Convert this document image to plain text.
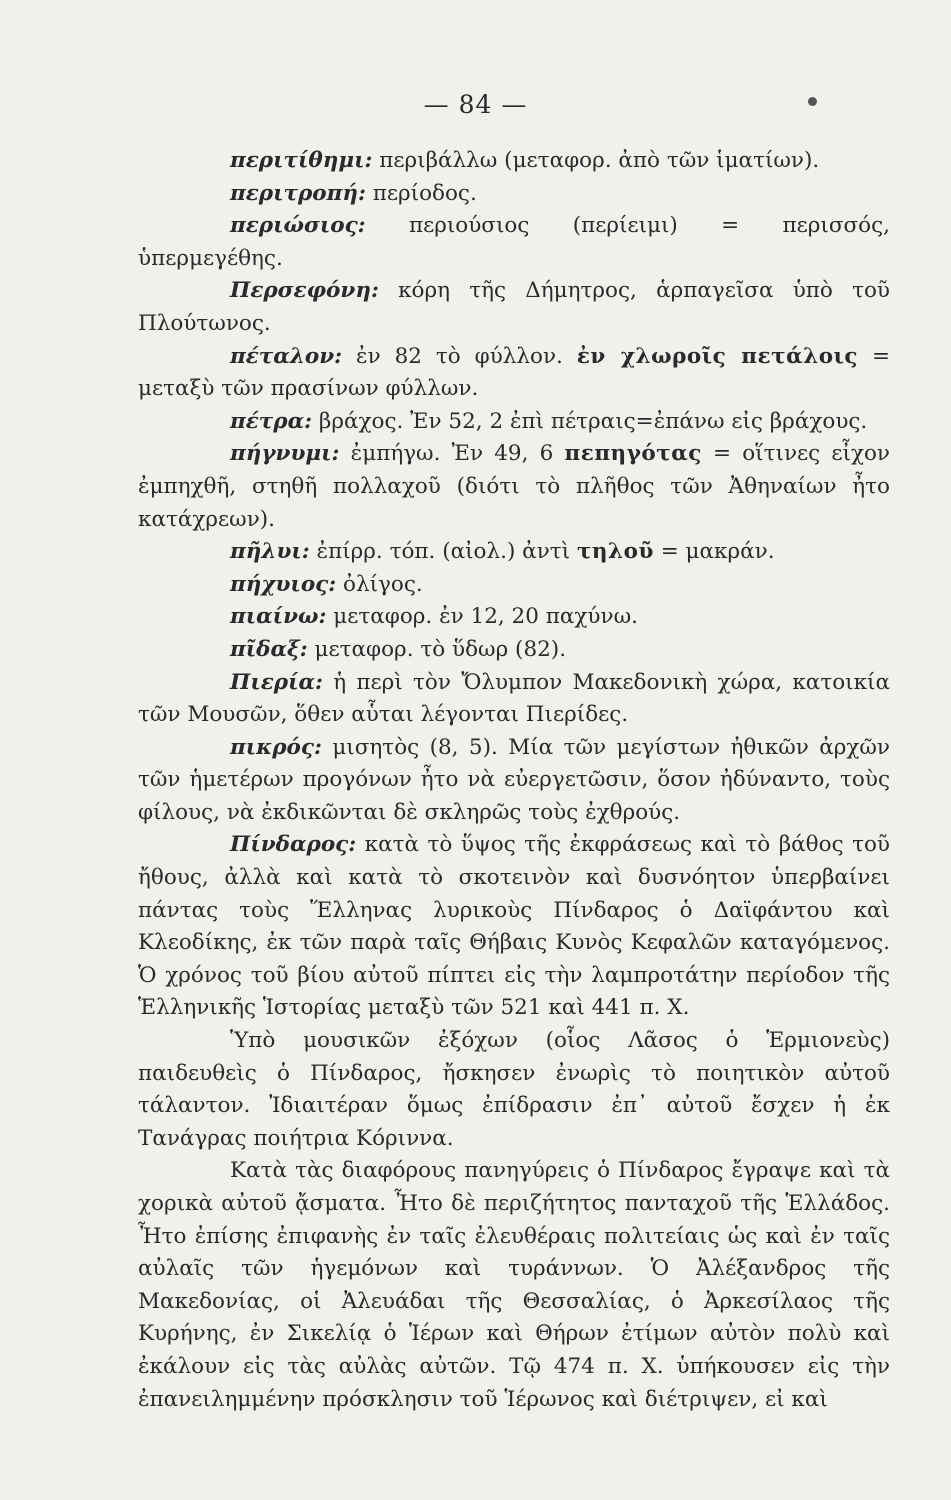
— 84 —

περιτίθημι: περιβάλλω (μεταφορ. ἀπὸ τῶν ἱματίων).

περιτροπή: περίοδος.

περιώσιος: περιούσιος (περίειμι) = περισσός, ὑπερμεγέθης.

Περσεφόνη: κόρη τῆς Δήμητρος, ἁρπαγεῖσα ὑπὸ τοῦ Πλούτωνος.

πέταλον: ἐν 82 τὸ φύλλον. ἐν χλωροῖς πετάλοις = μεταξὺ τῶν πρασίνων φύλλων.

πέτρα: βράχος. Ἐν 52, 2 ἐπὶ πέτραις=ἐπάνω εἰς βράχους.

πήγνυμι: ἐμπήγω. Ἐν 49, 6 πεπηγότας = οἵτινες εἶχον ἐμπηχθῆ, στηθῆ πολλαχοῦ (διότι τὸ πλῆθος τῶν Ἀθηναίων ἦτο κατάχρεων).

πῆλυι: ἐπίρρ. τόπ. (αἰολ.) ἀντὶ τηλοῦ = μακράν.

πήχυιος: ὀλίγος.

πιαίνω: μεταφορ. ἐν 12, 20 παχύνω.

πῖδαξ: μεταφορ. τὸ ὕδωρ (82).

Πιερία: ἡ περὶ τὸν Ὄλυμπον Μακεδονικὴ χώρα, κατοικία τῶν Μουσῶν, ὅθεν αὗται λέγονται Πιερίδες.

πικρός: μισητὸς (8, 5). Μία τῶν μεγίστων ἠθικῶν ἀρχῶν τῶν ἡμετέρων προγόνων ἦτο νὰ εὐεργετῶσιν, ὅσον ἠδύναντο, τοὺς φίλους, νὰ ἐκδικῶνται δὲ σκληρῶς τοὺς ἐχθρούς.

Πίνδαρος: κατὰ τὸ ὕψος τῆς ἐκφράσεως καὶ τὸ βάθος τοῦ ἤθους, ἀλλὰ καὶ κατὰ τὸ σκοτεινὸν καὶ δυσνόητον ὑπερβαίνει πάντας τοὺς Ἕλληνας λυρικοὺς Πίνδαρος ὁ Δαϊφάντου καὶ Κλεοδίκης, ἐκ τῶν παρὰ ταῖς Θήβαις Κυνὸς Κεφαλῶν καταγόμενος. Ὁ χρόνος τοῦ βίου αὐτοῦ πίπτει εἰς τὴν λαμπροτάτην περίοδον τῆς Ἑλληνικῆς Ἱστορίας μεταξὺ τῶν 521 καὶ 441 π. Χ.

Ὑπὸ μουσικῶν ἐξόχων (οἷος Λᾶσος ὁ Ἑρμιονεὺς) παιδευθεὶς ὁ Πίνδαρος, ἤσκησεν ἐνωρὶς τὸ ποιητικὸν αὐτοῦ τάλαντον. Ἰδιαιτέραν ὅμως ἐπίδρασιν ἐπ᾽ αὐτοῦ ἔσχεν ἡ ἐκ Τανάγρας ποιήτρια Κόριννα.

Κατὰ τὰς διαφόρους πανηγύρεις ὁ Πίνδαρος ἔγραψε καὶ τὰ χορικὰ αὐτοῦ ᾄσματα. Ἦτο δὲ περιζήτητος πανταχοῦ τῆς Ἑλλάδος. Ἦτο ἐπίσης ἐπιφανὴς ἐν ταῖς ἐλευθέραις πολιτείαις ὡς καὶ ἐν ταῖς αὐλαῖς τῶν ἡγεμόνων καὶ τυράννων. Ὁ Ἀλέξανδρος τῆς Μακεδονίας, οἱ Ἀλευάδαι τῆς Θεσσαλίας, ὁ Ἀρκεσίλαος τῆς Κυρήνης, ἐν Σικελίᾳ ὁ Ἱέρων καὶ Θήρων ἐτίμων αὐτὸν πολὺ καὶ ἐκάλουν εἰς τὰς αὐλὰς αὐτῶν. Τῷ 474 π. Χ. ὑπήκουσεν εἰς τὴν ἐπανειλημμένην πρόσκλησιν τοῦ Ἱέρωνος καὶ διέτριψεν, εἰ καὶ
